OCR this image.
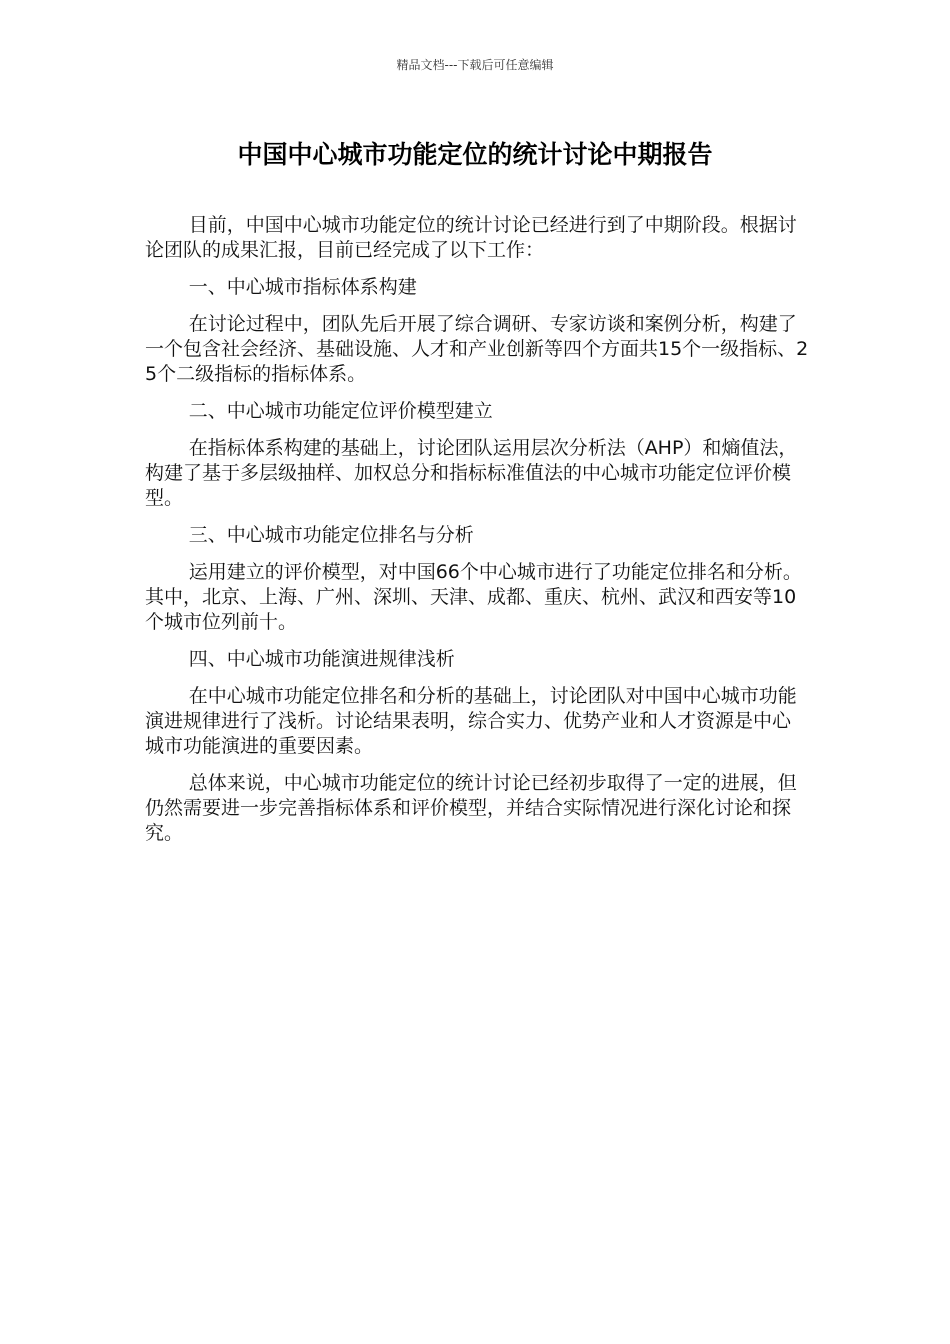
精品文档---下载后可任意编辑
中国中心城市功能定位的统计讨论中期报告

目前，中国中心城市功能定位的统计讨论已经进行到了中期阶段。根据讨论团队的成果汇报，目前已经完成了以下工作：

一、中心城市指标体系构建

在讨论过程中，团队先后开展了综合调研、专家访谈和案例分析，构建了一个包含社会经济、基础设施、人才和产业创新等四个方面共15个一级指标、25个二级指标的指标体系。

二、中心城市功能定位评价模型建立

在指标体系构建的基础上，讨论团队运用层次分析法（AHP）和熵值法，构建了基于多层级抽样、加权总分和指标标准值法的中心城市功能定位评价模型。

三、中心城市功能定位排名与分析

运用建立的评价模型，对中国66个中心城市进行了功能定位排名和分析。其中，北京、上海、广州、深圳、天津、成都、重庆、杭州、武汉和西安等10个城市位列前十。

四、中心城市功能演进规律浅析

在中心城市功能定位排名和分析的基础上，讨论团队对中国中心城市功能演进规律进行了浅析。讨论结果表明，综合实力、优势产业和人才资源是中心城市功能演进的重要因素。

总体来说，中心城市功能定位的统计讨论已经初步取得了一定的进展，但仍然需要进一步完善指标体系和评价模型，并结合实际情况进行深化讨论和探究。
